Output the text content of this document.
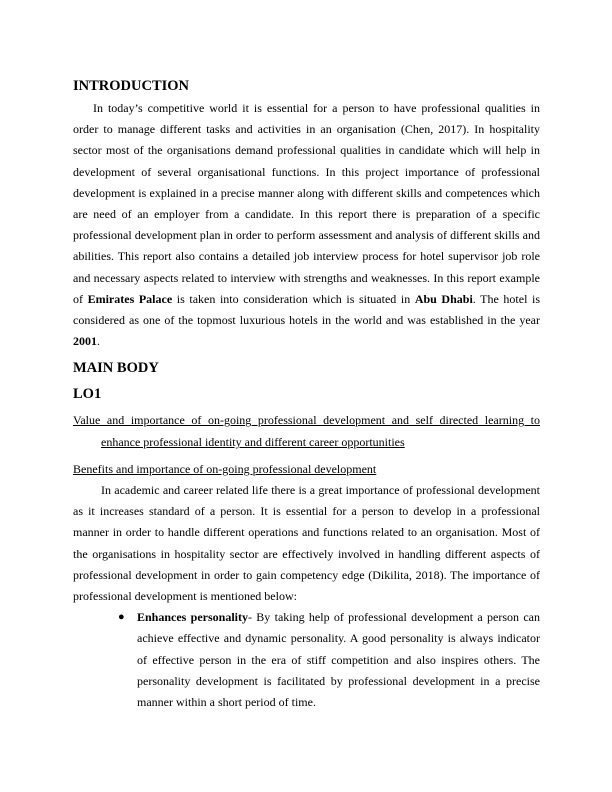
INTRODUCTION

In today’s competitive world it is essential for a person to have professional qualities in order to manage different tasks and activities in an organisation (Chen, 2017). In hospitality sector most of the organisations demand professional qualities in candidate which will help in development of several organisational functions. In this project importance of professional development is explained in a precise manner along with different skills and competences which are need of an employer from a candidate. In this report there is preparation of a specific professional development plan in order to perform assessment and analysis of different skills and abilities. This report also contains a detailed job interview process for hotel supervisor job role and necessary aspects related to interview with strengths and weaknesses. In this report example of Emirates Palace is taken into consideration which is situated in Abu Dhabi. The hotel is considered as one of the topmost luxurious hotels in the world and was established in the year 2001.

MAIN BODY
LO1

Value and importance of on-going professional development and self directed learning to enhance professional identity and different career opportunities

Benefits and importance of on-going professional development

In academic and career related life there is a great importance of professional development as it increases standard of a person. It is essential for a person to develop in a professional manner in order to handle different operations and functions related to an organisation. Most of the organisations in hospitality sector are effectively involved in handling different aspects of professional development in order to gain competency edge (Dikilita, 2018). The importance of professional development is mentioned below:

● Enhances personality- By taking help of professional development a person can achieve effective and dynamic personality. A good personality is always indicator of effective person in the era of stiff competition and also inspires others. The personality development is facilitated by professional development in a precise manner within a short period of time.
